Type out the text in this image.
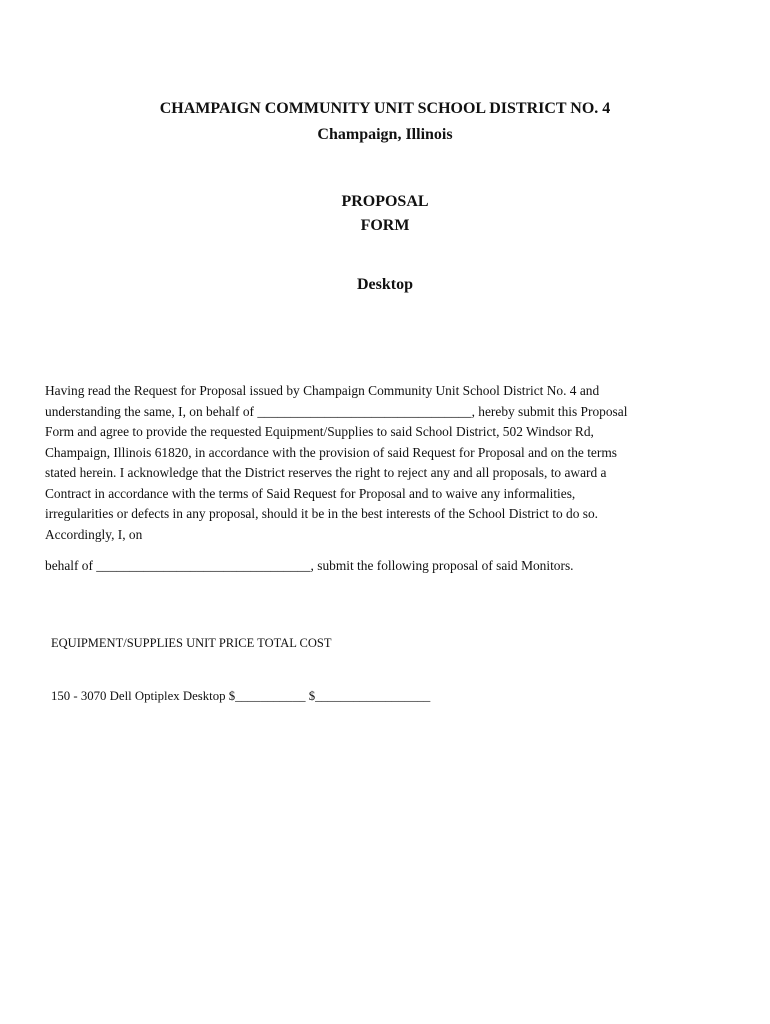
CHAMPAIGN COMMUNITY UNIT SCHOOL DISTRICT NO. 4
Champaign, Illinois
PROPOSAL
FORM
Desktop
Having read the Request for Proposal issued by Champaign Community Unit School District No. 4 and
understanding the same, I, on behalf of ________________________________, hereby submit this Proposal
Form and agree to provide the requested Equipment/Supplies to said School District, 502 Windsor Rd,
Champaign, Illinois 61820, in accordance with the provision of said Request for Proposal and on the terms
stated herein. I acknowledge that the District reserves the right to reject any and all proposals, to award a
Contract in accordance with the terms of Said Request for Proposal and to waive any informalities,
irregularities or defects in any proposal, should it be in the best interests of the School District to do so.
Accordingly, I, on
behalf of ________________________________, submit the following proposal of said Monitors.
EQUIPMENT/SUPPLIES UNIT PRICE TOTAL COST
150 - 3070 Dell Optiplex Desktop $___________ $__________________
